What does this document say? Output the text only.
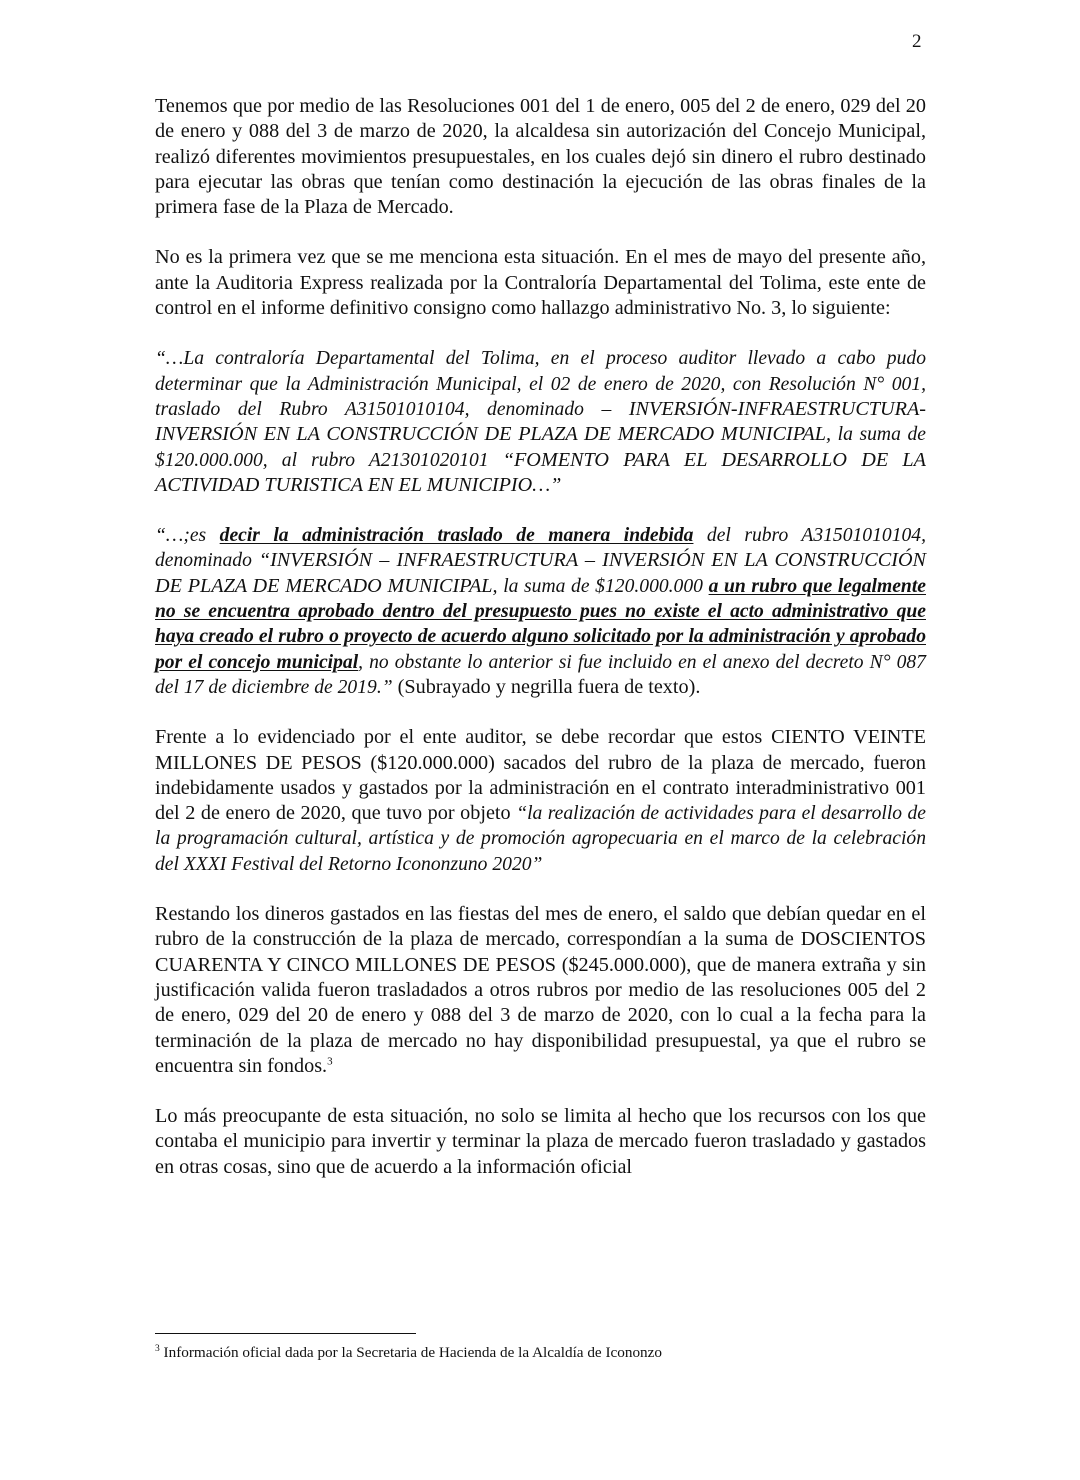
2

Tenemos que por medio de las Resoluciones 001 del 1 de enero, 005 del 2 de enero, 029 del 20 de enero y 088 del 3 de marzo de 2020, la alcaldesa sin autorización del Concejo Municipal, realizó diferentes movimientos presupuestales, en los cuales dejó sin dinero el rubro destinado para ejecutar las obras que tenían como destinación la ejecución de las obras finales de la primera fase de la Plaza de Mercado.

No es la primera vez que se me menciona esta situación. En el mes de mayo del presente año, ante la Auditoria Express realizada por la Contraloría Departamental del Tolima, este ente de control en el informe definitivo consigno como hallazgo administrativo No. 3, lo siguiente:

“…La contraloría Departamental del Tolima, en el proceso auditor llevado a cabo pudo determinar que la Administración Municipal, el 02 de enero de 2020, con Resolución N° 001, traslado del Rubro A31501010104, denominado – INVERSIÓN-INFRAESTRUCTURA-INVERSIÓN EN LA CONSTRUCCIÓN DE PLAZA DE MERCADO MUNICIPAL, la suma de $120.000.000, al rubro A21301020101 “FOMENTO PARA EL DESARROLLO DE LA ACTIVIDAD TURISTICA EN EL MUNICIPIO…”

“…;es decir la administración traslado de manera indebida del rubro A31501010104, denominado “INVERSIÓN – INFRAESTRUCTURA – INVERSIÓN EN LA CONSTRUCCIÓN DE PLAZA DE MERCADO MUNICIPAL, la suma de $120.000.000 a un rubro que legalmente no se encuentra aprobado dentro del presupuesto pues no existe el acto administrativo que haya creado el rubro o proyecto de acuerdo alguno solicitado por la administración y aprobado por el concejo municipal, no obstante lo anterior si fue incluido en el anexo del decreto N° 087 del 17 de diciembre de 2019.” (Subrayado y negrilla fuera de texto).

Frente a lo evidenciado por el ente auditor, se debe recordar que estos CIENTO VEINTE MILLONES DE PESOS ($120.000.000) sacados del rubro de la plaza de mercado, fueron indebidamente usados y gastados por la administración en el contrato interadministrativo 001 del 2 de enero de 2020, que tuvo por objeto “la realización de actividades para el desarrollo de la programación cultural, artística y de promoción agropecuaria en el marco de la celebración del XXXI Festival del Retorno Icononzuno 2020”

Restando los dineros gastados en las fiestas del mes de enero, el saldo que debían quedar en el rubro de la construcción de la plaza de mercado, correspondían a la suma de DOSCIENTOS CUARENTA Y CINCO MILLONES DE PESOS ($245.000.000), que de manera extraña y sin justificación valida fueron trasladados a otros rubros por medio de las resoluciones 005 del 2 de enero, 029 del 20 de enero y 088 del 3 de marzo de 2020, con lo cual a la fecha para la terminación de la plaza de mercado no hay disponibilidad presupuestal, ya que el rubro se encuentra sin fondos.$^3$

Lo más preocupante de esta situación, no solo se limita al hecho que los recursos con los que contaba el municipio para invertir y terminar la plaza de mercado fueron trasladado y gastados en otras cosas, sino que de acuerdo a la información oficial

$^3$ Información oficial dada por la Secretaria de Hacienda de la Alcaldía de Icononzo
